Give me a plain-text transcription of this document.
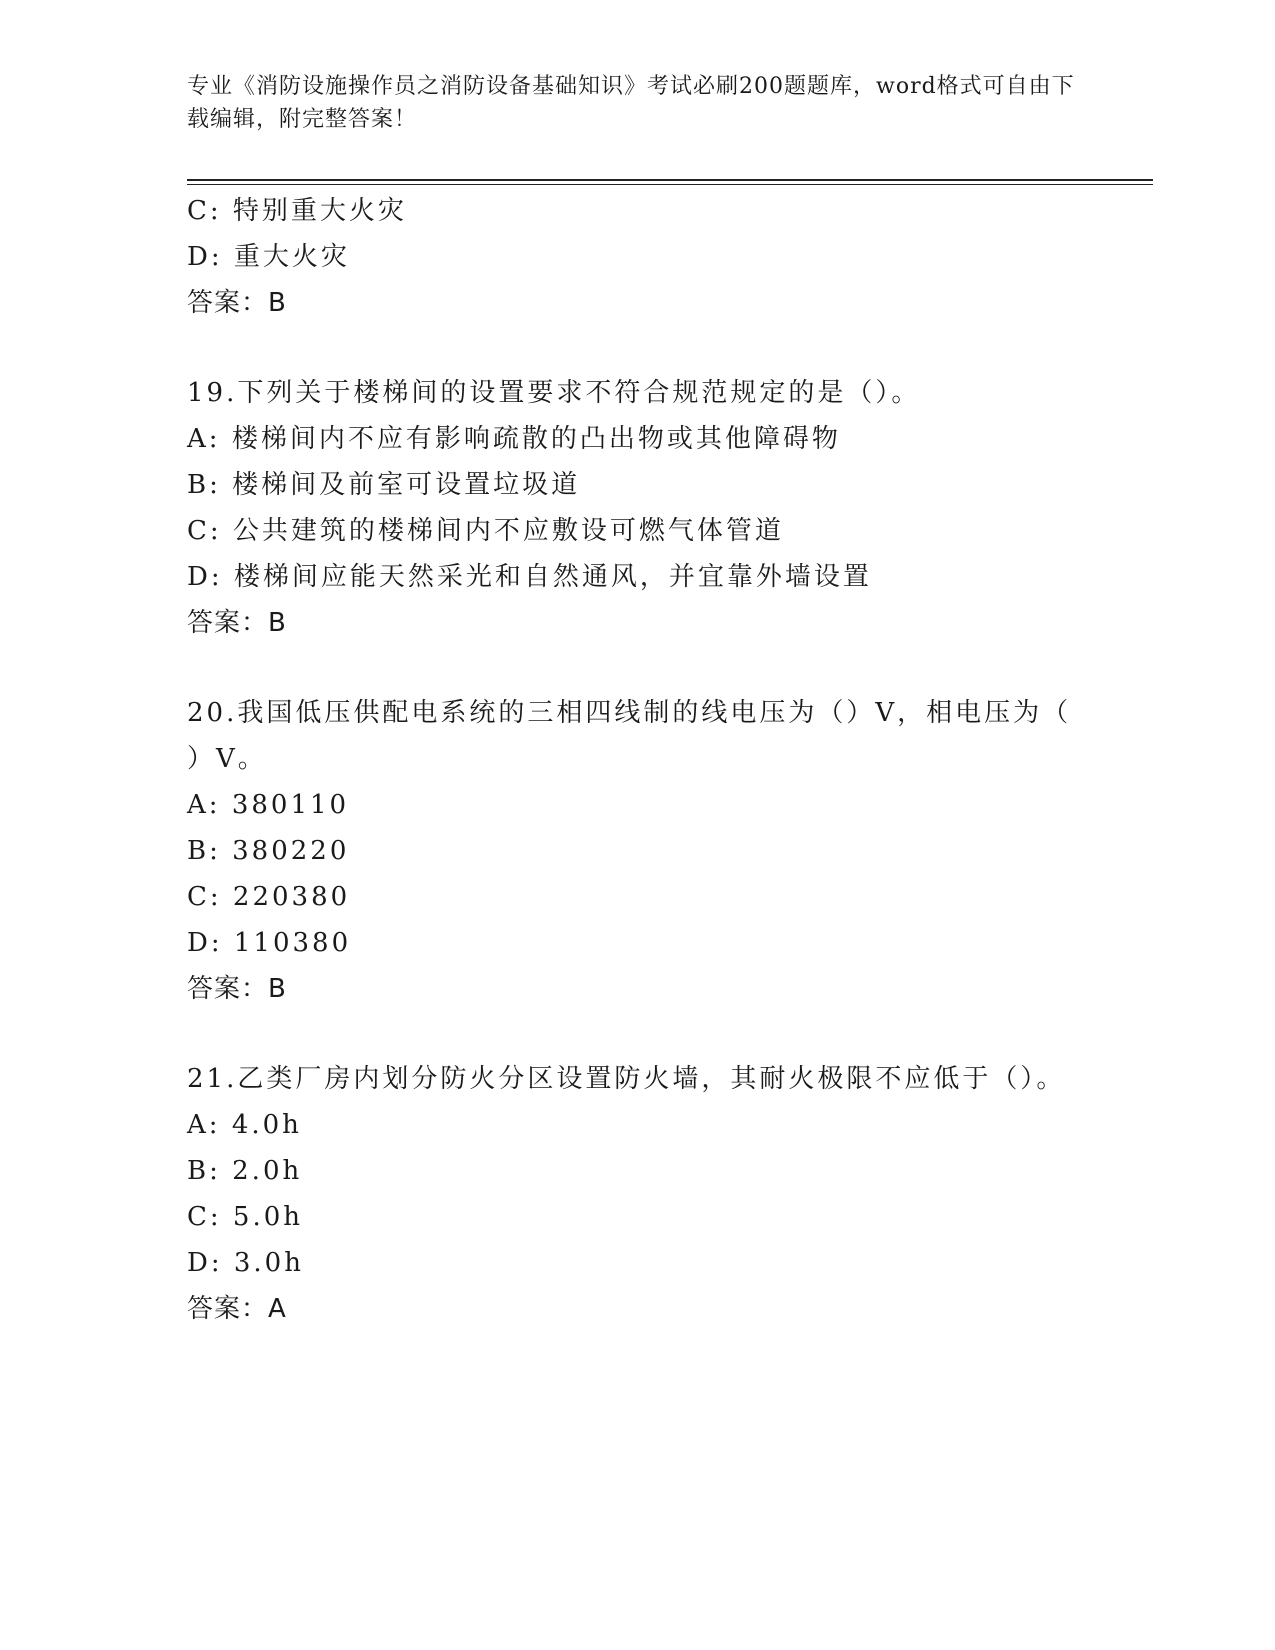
专业《消防设施操作员之消防设备基础知识》考试必刷200题题库，word格式可自由下载编辑，附完整答案！
C: 特别重大火灾
D: 重大火灾
答案：B
19.下列关于楼梯间的设置要求不符合规范规定的是（）。
A: 楼梯间内不应有影响疏散的凸出物或其他障碍物
B: 楼梯间及前室可设置垃圾道
C: 公共建筑的楼梯间内不应敷设可燃气体管道
D: 楼梯间应能天然采光和自然通风，并宜靠外墙设置
答案：B
20.我国低压供配电系统的三相四线制的线电压为（）V，相电压为（
）V。
A: 380110
B: 380220
C: 220380
D: 110380
答案：B
21.乙类厂房内划分防火分区设置防火墙，其耐火极限不应低于（）。
A: 4.0h
B: 2.0h
C: 5.0h
D: 3.0h
答案：A
